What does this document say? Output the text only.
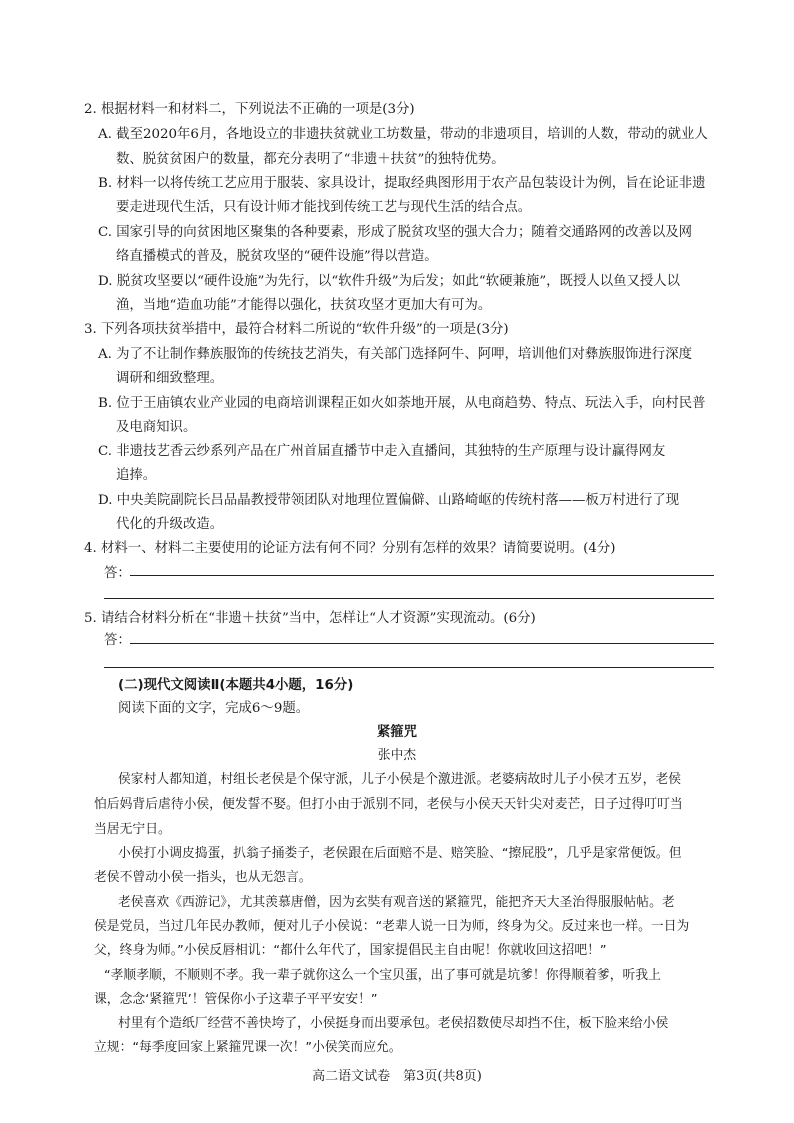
2. 根据材料一和材料二，下列说法不正确的一项是(3分)
A. 截至2020年6月，各地设立的非遗扶贫就业工坊数量，带动的非遗项目，培训的人数，带动的就业人
数、脱贫贫困户的数量，都充分表明了“非遗＋扶贫”的独特优势。
B. 材料一以将传统工艺应用于服装、家具设计，提取经典图形用于农产品包装设计为例，旨在论证非遗
要走进现代生活，只有设计师才能找到传统工艺与现代生活的结合点。
C. 国家引导的向贫困地区聚集的各种要素，形成了脱贫攻坚的强大合力；随着交通路网的改善以及网
络直播模式的普及，脱贫攻坚的“硬件设施”得以营造。
D. 脱贫攻坚要以“硬件设施”为先行，以“软件升级”为后发；如此“软硬兼施”，既授人以鱼又授人以
渔，当地“造血功能”才能得以强化，扶贫攻坚才更加大有可为。
3. 下列各项扶贫举措中，最符合材料二所说的“软件升级”的一项是(3分)
A. 为了不让制作彝族服饰的传统技艺消失，有关部门选择阿牛、阿呷，培训他们对彝族服饰进行深度
调研和细致整理。
B. 位于王庙镇农业产业园的电商培训课程正如火如荼地开展，从电商趋势、特点、玩法入手，向村民普
及电商知识。
C. 非遗技艺香云纱系列产品在广州首届直播节中走入直播间，其独特的生产原理与设计赢得网友
追捧。
D. 中央美院副院长吕品晶教授带领团队对地理位置偏僻、山路崎岖的传统村落——板万村进行了现
代化的升级改造。
4. 材料一、材料二主要使用的论证方法有何不同？分别有怎样的效果？请简要说明。(4分)
答：
5. 请结合材料分析在“非遗＋扶贫”当中，怎样让“人才资源”实现流动。(6分)
答：
(二)现代文阅读Ⅱ(本题共4小题，16分)
阅读下面的文字，完成6～9题。
紧箍咒
张中杰
侯家村人都知道，村组长老侯是个保守派，儿子小侯是个激进派。老婆病故时儿子小侯才五岁，老侯
怕后妈背后虐待小侯，便发誓不娶。但打小由于派别不同，老侯与小侯天天针尖对麦芒，日子过得叮叮当
当居无宁日。
小侯打小调皮捣蛋，扒翁子捅娄子，老侯跟在后面赔不是、赔笑脸、“擦屁股”，几乎是家常便饭。但
老侯不曾动小侯一指头，也从无怨言。
老侯喜欢《西游记》，尤其羡慕唐僧，因为玄奘有观音送的紧箍咒，能把齐天大圣治得服服帖帖。老
侯是党员，当过几年民办教师，便对儿子小侯说：“老辈人说一日为师，终身为父。反过来也一样。一日为
父，终身为师。”小侯反唇相讥：“都什么年代了，国家提倡民主自由呢！你就收回这招吧！”
“孝顺孝顺，不顺则不孝。我一辈子就你这么一个宝贝蛋，出了事可就是坑爹！你得顺着爹，听我上
课，念念‘紧箍咒’！管保你小子这辈子平平安安！”
村里有个造纸厂经营不善快垮了，小侯挺身而出要承包。老侯招数使尽却挡不住，板下脸来给小侯
立规：“每季度回家上紧箍咒课一次！”小侯笑而应允。
高二语文试卷　第3页(共8页)
